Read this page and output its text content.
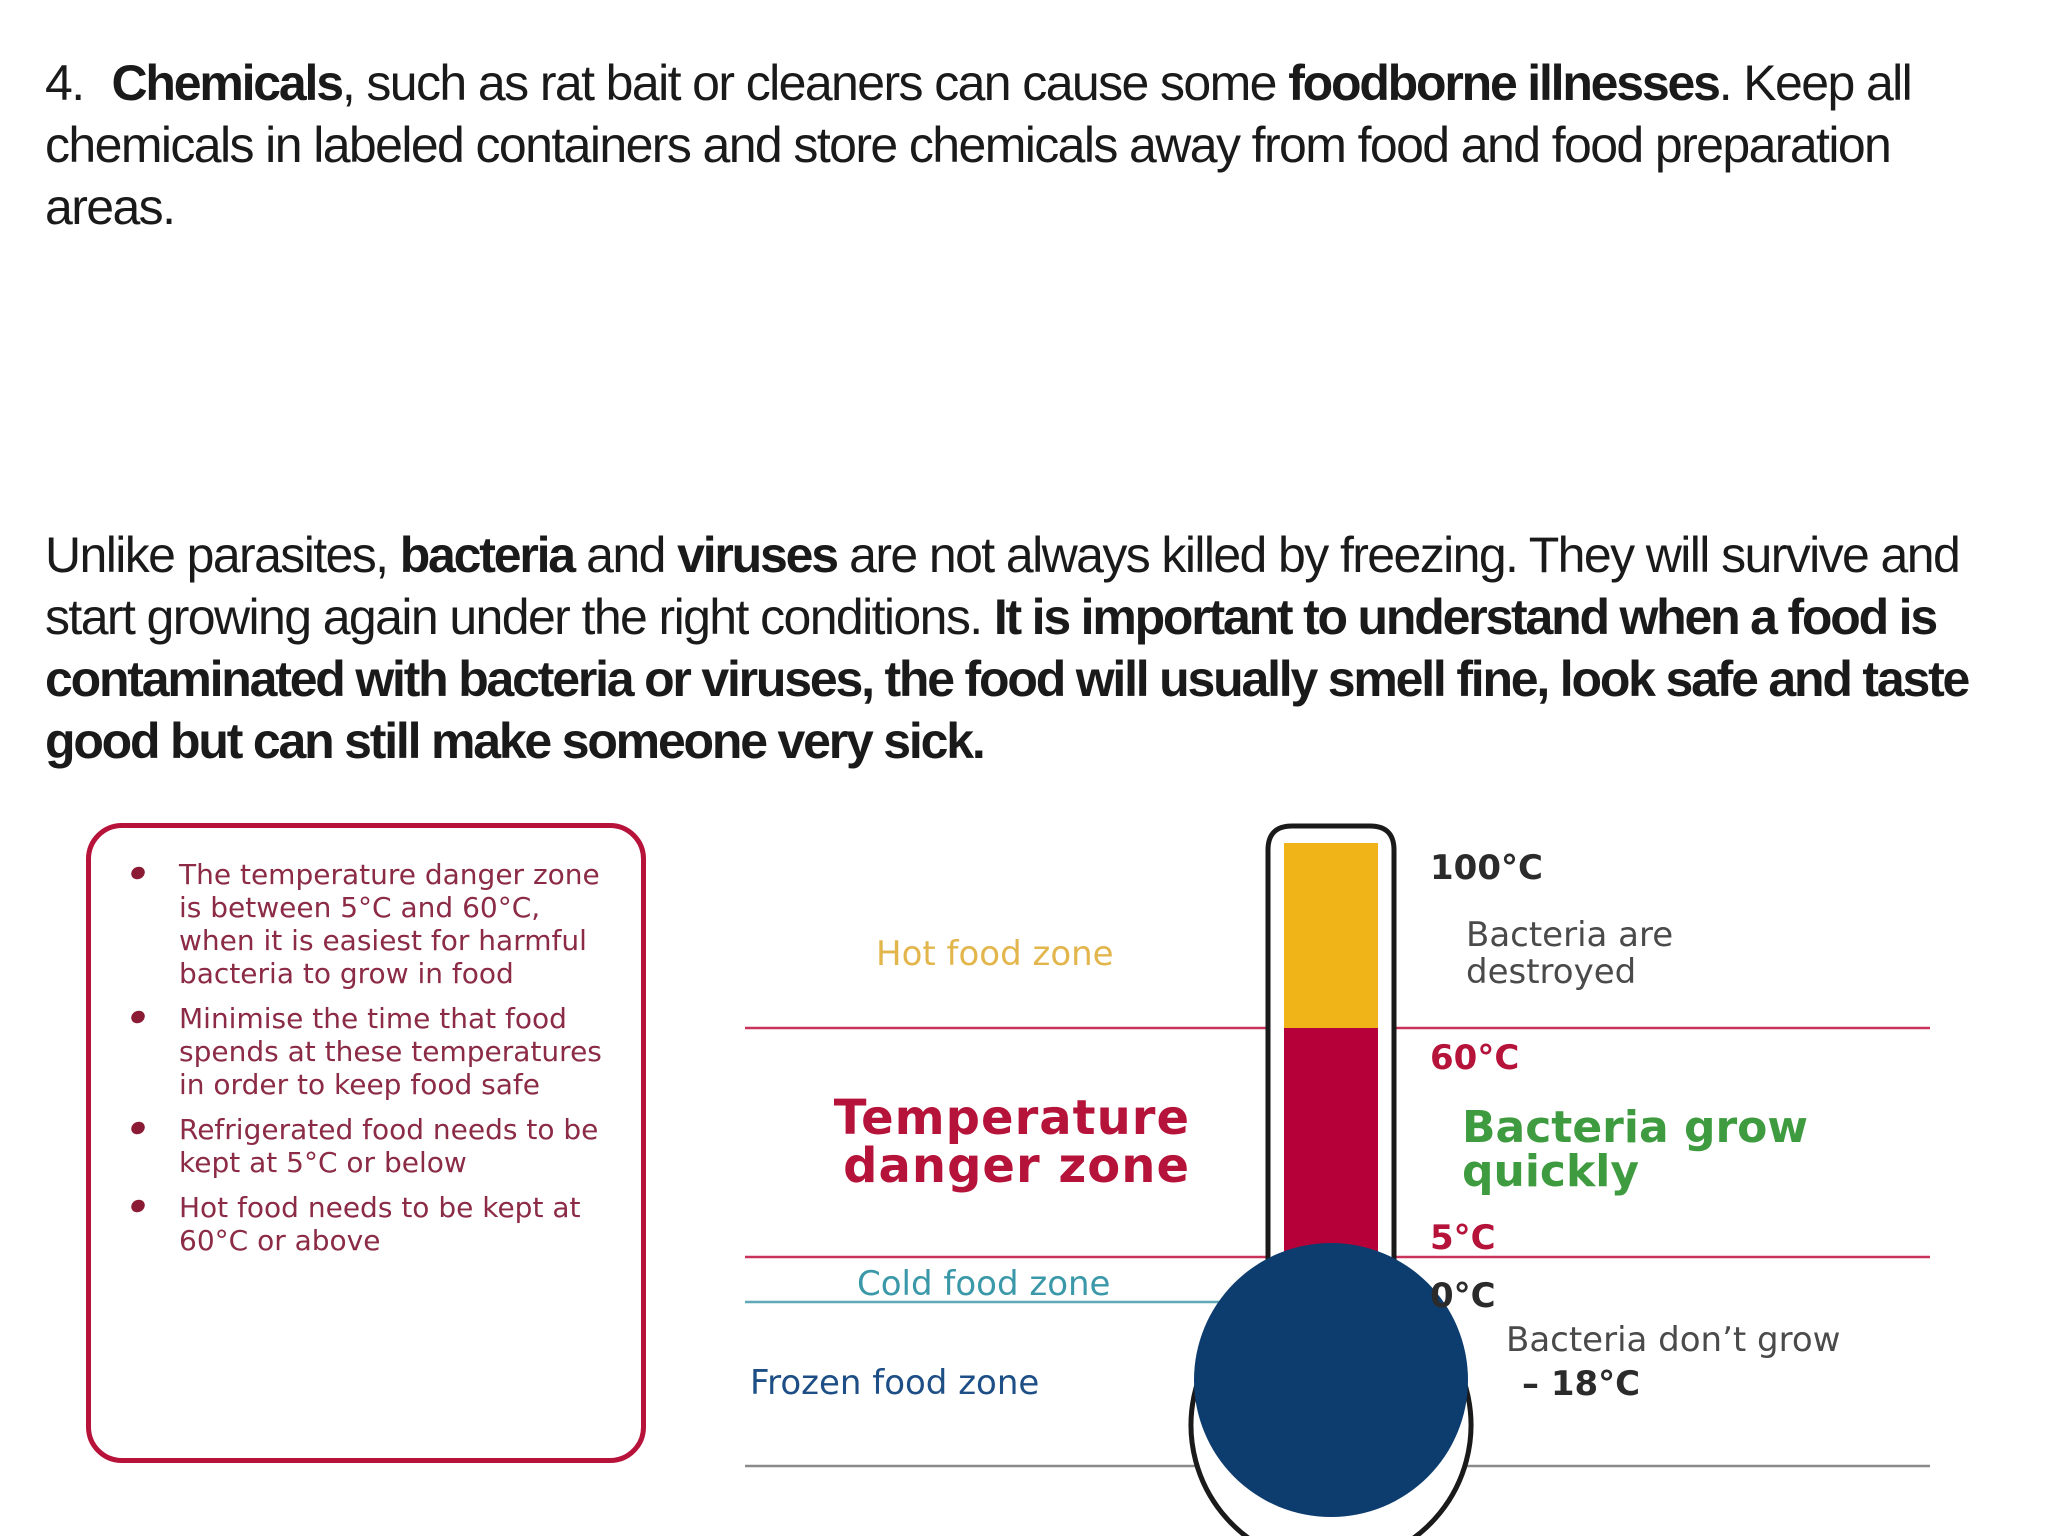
4. Chemicals, such as rat bait or cleaners can cause some foodborne illnesses. Keep all chemicals in labeled containers and store chemicals away from food and food preparation areas.

Unlike parasites, bacteria and viruses are not always killed by freezing. They will survive and start growing again under the right conditions. It is important to understand when a food is contaminated with bacteria or viruses, the food will usually smell fine, look safe and taste good but can still make someone very sick.

The temperature danger zone is between 5°C and 60°C, when it is easiest for harmful bacteria to grow in food
Minimise the time that food spends at these temperatures in order to keep food safe
Refrigerated food needs to be kept at 5°C or below
Hot food needs to be kept at 60°C or above
Hot food zone
Temperature
danger zone
Cold food zone
Frozen food zone
100°C
Bacteria are destroyed
60°C
Bacteria grow quickly
5°C
0°C
Bacteria don’t grow
– 18°C
